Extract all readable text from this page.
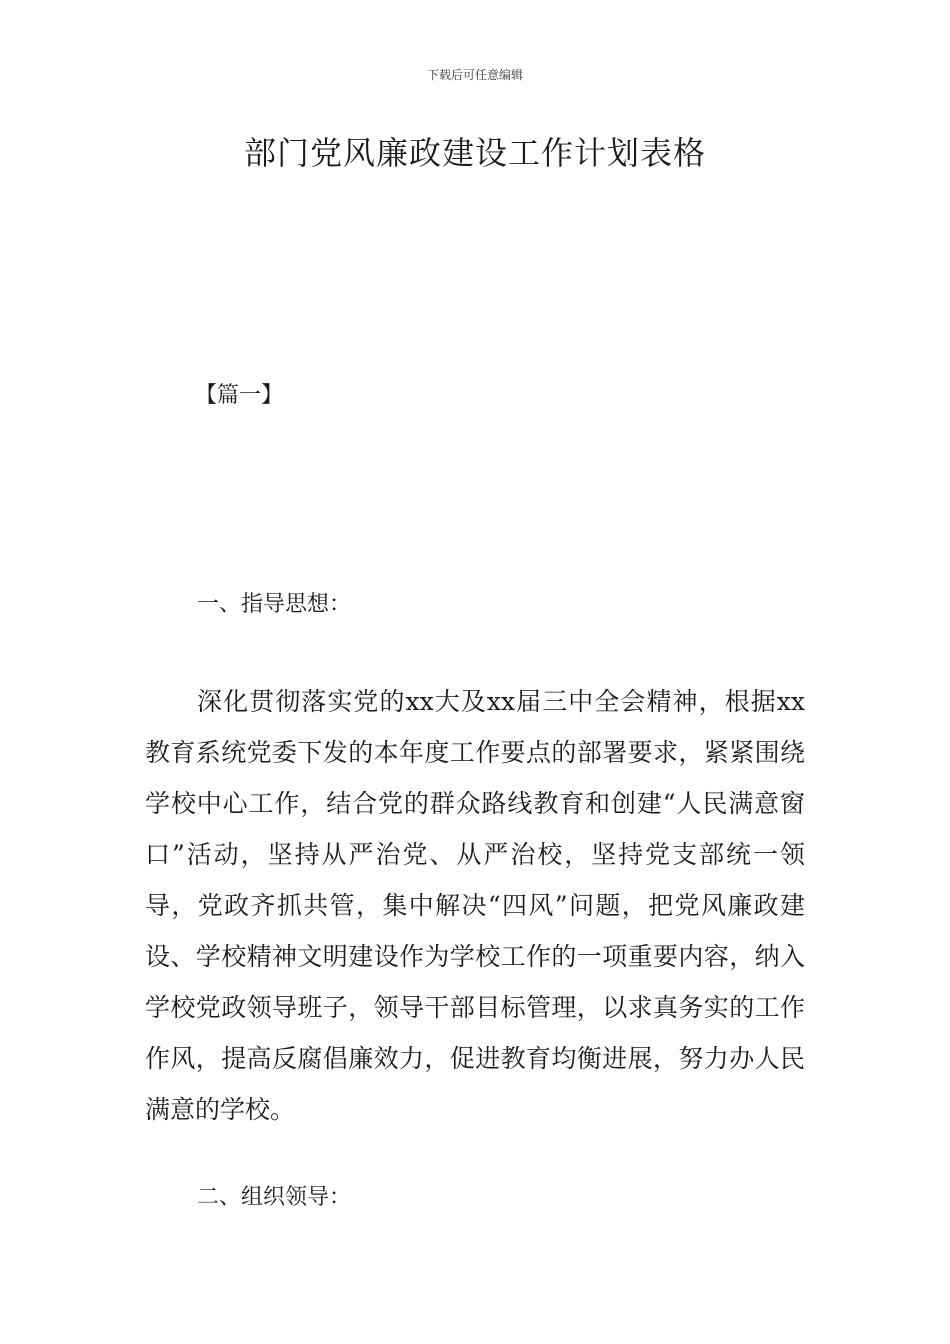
下载后可任意编辑
部门党风廉政建设工作计划表格
【篇一】
一、指导思想：

深化贯彻落实党的xx大及xx届三中全会精神，根据xx教育系统党委下发的本年度工作要点的部署要求，紧紧围绕学校中心工作，结合党的群众路线教育和创建“人民满意窗口”活动，坚持从严治党、从严治校，坚持党支部统一领导，党政齐抓共管，集中解决“四风”问题，把党风廉政建设、学校精神文明建设作为学校工作的一项重要内容，纳入学校党政领导班子，领导干部目标管理，以求真务实的工作作风，提高反腐倡廉效力，促进教育均衡进展，努力办人民满意的学校。

二、组织领导：
